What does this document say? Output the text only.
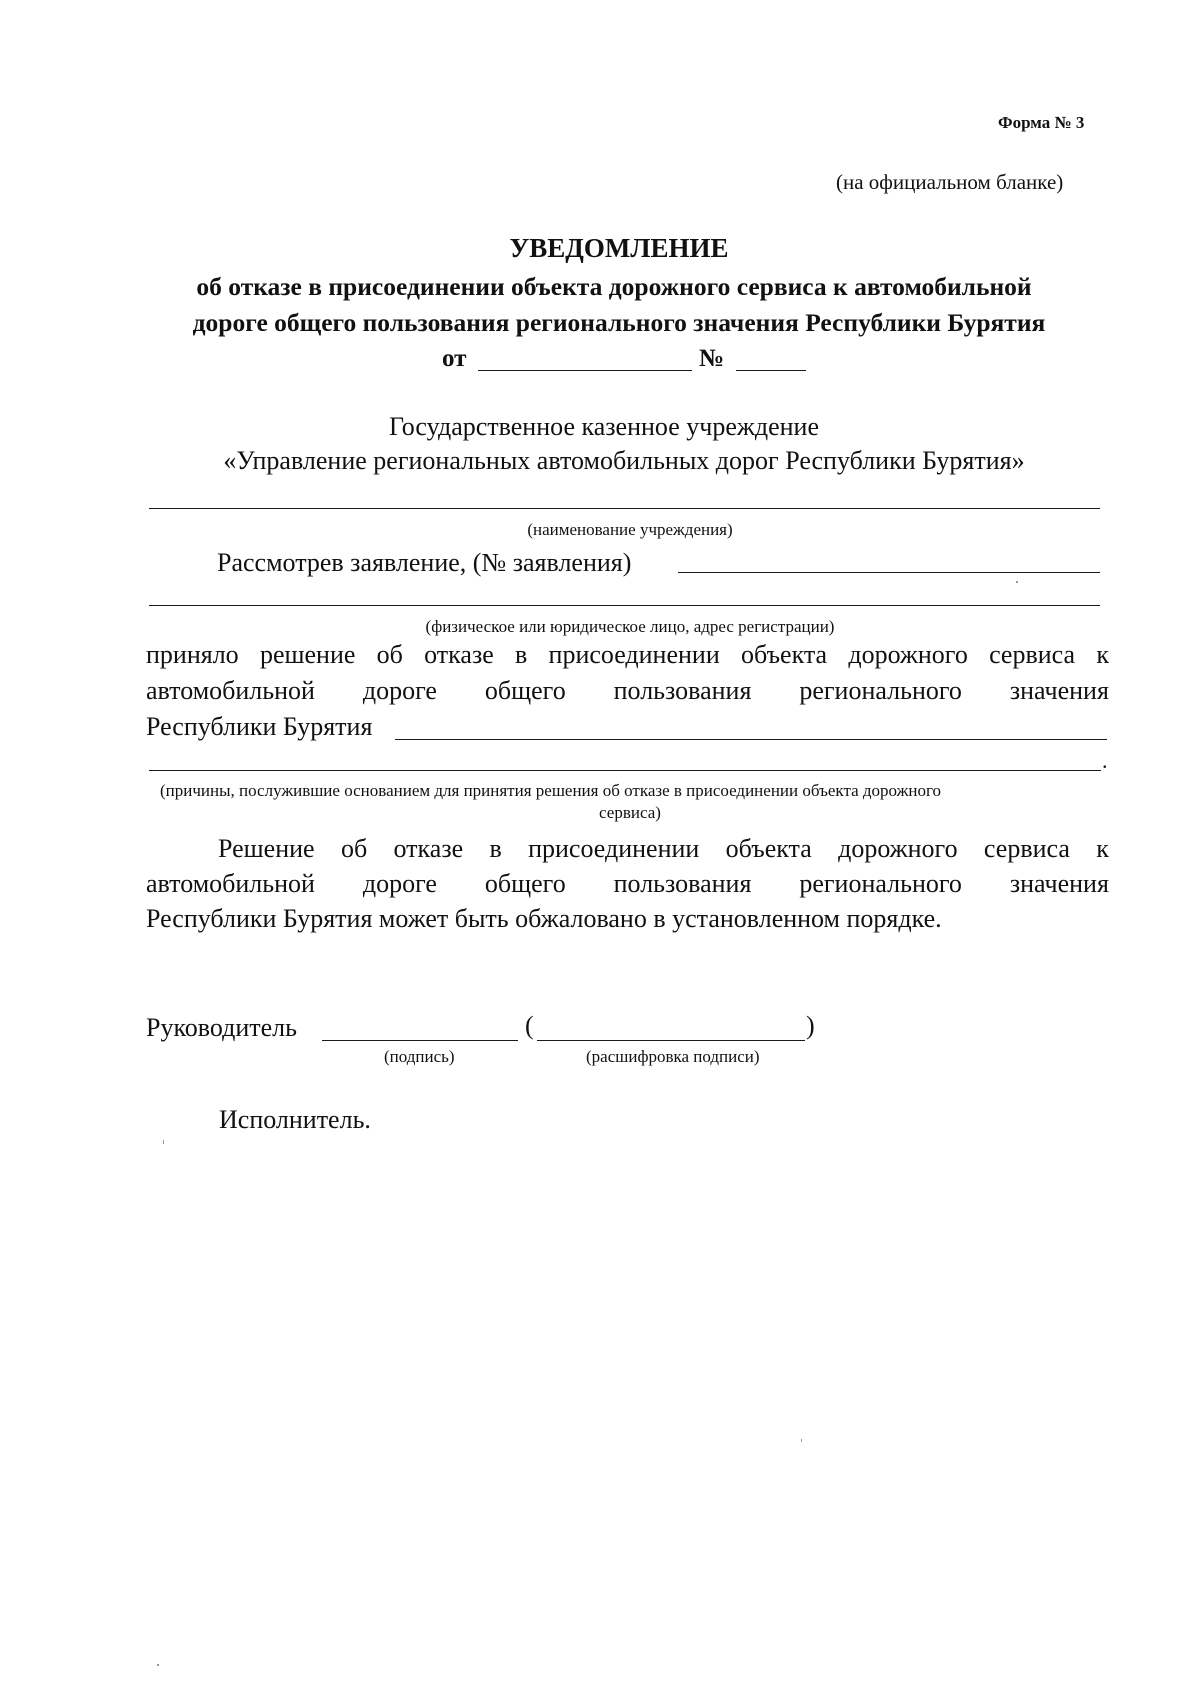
Форма № 3
(на официальном бланке)
УВЕДОМЛЕНИЕ
об отказе в присоединении объекта дорожного сервиса к автомобильной
дороге общего пользования регионального значения Республики Бурятия
от	№
Государственное казенное учреждение
«Управление региональных автомобильных дорог Республики Бурятия»
(наименование учреждения)
Рассмотрев заявление, (№ заявления)
(физическое или юридическое лицо, адрес регистрации)
приняло решение об отказе в присоединении объекта дорожного сервиса к
автомобильной дороге общего пользования регионального значения
Республики Бурятия
.
(причины, послужившие основанием для принятия решения об отказе в присоединении объекта дорожного
сервиса)
Решение об отказе в присоединении объекта дорожного сервиса к
автомобильной дороге общего пользования регионального значения
Республики Бурятия может быть обжаловано в установленном порядке.
Руководитель	(	)
(подпись)	(расшифровка подписи)
Исполнитель.
